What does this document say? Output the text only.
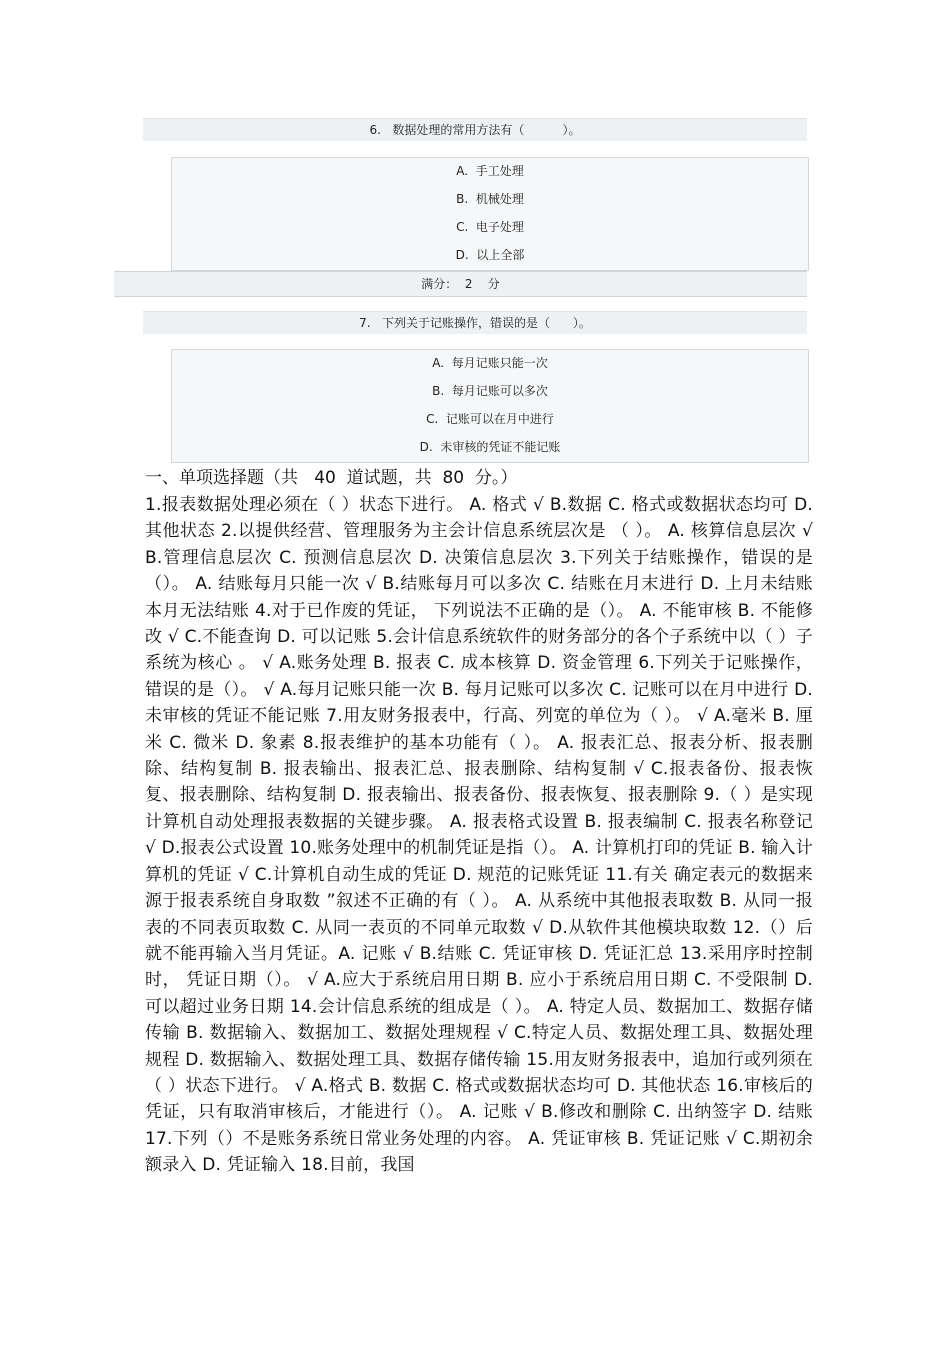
6.   数据处理的常用方法有（          ）。
A.  手工处理
B.  机械处理
C.  电子处理
D.  以上全部
满分：  2    分
7.   下列关于记账操作，错误的是（      ）。
A.  每月记账只能一次
B.  每月记账可以多次
C.  记账可以在月中进行
D.  未审核的凭证不能记账
一、单项选择题（共   40  道试题，共  80  分。）
1.报表数据处理必须在（ ）状态下进行。 A. 格式 √ B.数据 C. 格式或数据状态均可 D. 其他状态 2.以提供经营、管理服务为主会计信息系统层次是 （ ）。 A. 核算信息层次 √ B.管理信息层次 C. 预测信息层次 D. 决策信息层次 3.下列关于结账操作，错误的是（）。 A. 结账每月只能一次 √ B.结账每月可以多次 C. 结账在月末进行 D. 上月未结账本月无法结账 4.对于已作废的凭证， 下列说法不正确的是（）。 A. 不能审核 B. 不能修改 √ C.不能查询 D. 可以记账 5.会计信息系统软件的财务部分的各个子系统中以（ ）子系统为核心 。 √ A.账务处理 B. 报表 C. 成本核算 D. 资金管理 6.下列关于记账操作， 错误的是（）。 √ A.每月记账只能一次 B. 每月记账可以多次 C. 记账可以在月中进行 D. 未审核的凭证不能记账 7.用友财务报表中，行高、列宽的单位为（ ）。 √ A.毫米 B. 厘米 C. 微米 D. 象素 8.报表维护的基本功能有（ ）。 A. 报表汇总、报表分析、报表删除、结构复制 B. 报表输出、报表汇总、报表删除、结构复制 √ C.报表备份、报表恢复、报表删除、结构复制 D. 报表输出、报表备份、报表恢复、报表删除 9.（ ）是实现计算机自动处理报表数据的关键步骤。 A. 报表格式设置 B. 报表编制 C. 报表名称登记 √ D.报表公式设置 10.账务处理中的机制凭证是指（）。 A. 计算机打印的凭证 B. 输入计算机的凭证 √ C.计算机自动生成的凭证 D. 规范的记账凭证 11.有关 确定表元的数据来源于报表系统自身取数 ”叙述不正确的有（ ）。 A. 从系统中其他报表取数 B. 从同一报表的不同表页取数 C. 从同一表页的不同单元取数 √ D.从软件其他模块取数 12.（）后就不能再输入当月凭证。A. 记账 √ B.结账 C. 凭证审核 D. 凭证汇总 13.采用序时控制时， 凭证日期（）。 √ A.应大于系统启用日期 B. 应小于系统启用日期 C. 不受限制 D. 可以超过业务日期 14.会计信息系统的组成是（ ）。 A. 特定人员、数据加工、数据存储传输 B. 数据输入、数据加工、数据处理规程 √ C.特定人员、数据处理工具、数据处理规程 D. 数据输入、数据处理工具、数据存储传输 15.用友财务报表中，追加行或列须在（ ）状态下进行。 √ A.格式 B. 数据 C. 格式或数据状态均可 D. 其他状态 16.审核后的凭证，只有取消审核后，才能进行（）。 A. 记账 √ B.修改和删除 C. 出纳签字 D. 结账 17.下列（）不是账务系统日常业务处理的内容。 A. 凭证审核 B. 凭证记账 √ C.期初余额录入 D. 凭证输入 18.目前，我国
